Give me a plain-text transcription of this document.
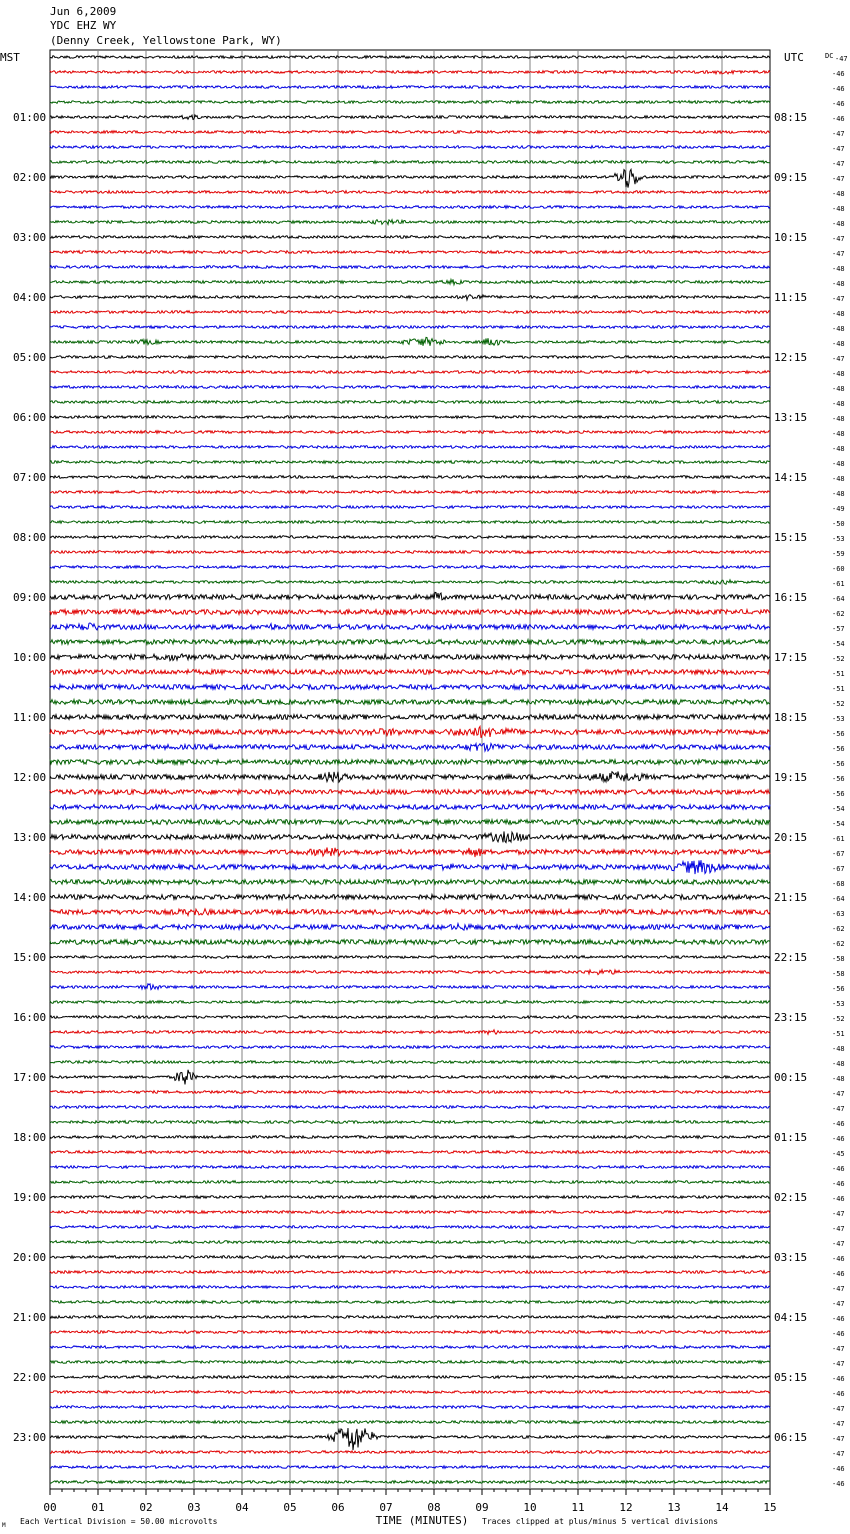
Jun 6,2009
YDC EHZ WY
(Denny Creek, Yellowstone Park, WY)
DC -47
-46
-46
-46
-46
-47
-47
-47
-47
-48
-48
-48
-47
-47
-48
-48
-47
-48
-48
-48
-47
-48
-48
-48
-48
-48
-48
-48
-48
-48
-49
-50
-53
-59
-60
-61
-64
-62
-57
-54
-52
-51
-51
-52
-53
-56
-56
-56
-56
-56
-54
-54
-61
-67
-67
-68
-64
-63
-62
-62
-58
-58
-56
-53
-52
-51
-48
-48
-48
-47
-47
-46
-46
-45
-46
-46
-46
-47
-47
-47
-46
-46
-47
-47
-46
-46
-47
-47
-46
-46
-47
-47
-47
-47
-46
-46
MST	UTC
01:00
02:00
03:00
04:00
05:00
06:00
07:00
08:00
09:00
10:00
11:00
12:00
13:00
14:00
15:00
16:00
17:00
18:00
19:00
20:00
21:00
22:00
23:00
08:15
09:15
10:15
11:15
12:15
13:15
14:15
15:15
16:15
17:15
18:15
19:15
20:15
21:15
22:15
23:15
00:15
01:15
02:15
03:15
04:15
05:15
06:15
00	01	02	03	04	05	06	07	08	09	10	11	12	13	14	15
TIME (MINUTES)
Each Vertical Division = 50.00 microvolts	Traces clipped at plus/minus 5 vertical divisions
M
